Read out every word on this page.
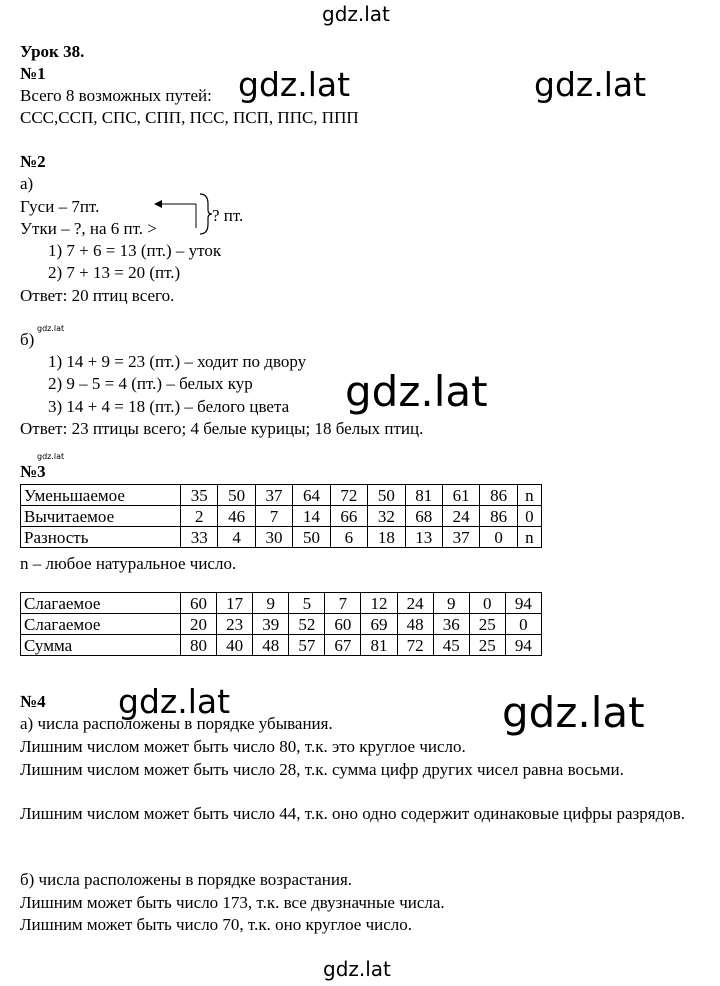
gdz.lat
gdz.lat
Урок 38.
№1
Всего 8 возможных путей:
ССС,ССП, СПС, СПП, ПСС, ПСП, ППС, ППП
gdz.lat	gdz.lat
№2
а)
Гуси – 7пт.
Утки – ?, на 6 пт. >
? пт.
1) 7 + 6 = 13 (пт.) – уток
2) 7 + 13 = 20 (пт.)
Ответ: 20 птиц всего.
б)
gdz.lat
1) 14 + 9 = 23 (пт.) – ходит по двору
2) 9 – 5 = 4 (пт.) – белых кур
3) 14 + 4 = 18 (пт.) – белого цвета
Ответ: 23 птицы всего; 4 белые курицы; 18 белых птиц.
gdz.lat
gdz.lat
№3
Уменьшаемое	35	50	37	64	72	50	81	61	86	n
Вычитаемое	2	46	7	14	66	32	68	24	86	0
Разность	33	4	30	50	6	18	13	37	0	n
n – любое натуральное число.
Слагаемое	60	17	9	5	7	12	24	9	0	94
Слагаемое	20	23	39	52	60	69	48	36	25	0
Сумма	80	40	48	57	67	81	72	45	25	94
№4 gdz.lat	gdz.lat
а) числа расположены в порядке убывания.
Лишним числом может быть число 80, т.к. это круглое число.

Лишним числом может быть число 28, т.к. сумма цифр других чисел равна восьми.

Лишним числом может быть число 44, т.к. оно одно содержит одинаковые цифры разрядов.

б) числа расположены в порядке возрастания.
Лишним может быть число 173, т.к. все двузначные числа.
Лишним может быть число 70, т.к. оно круглое число.
